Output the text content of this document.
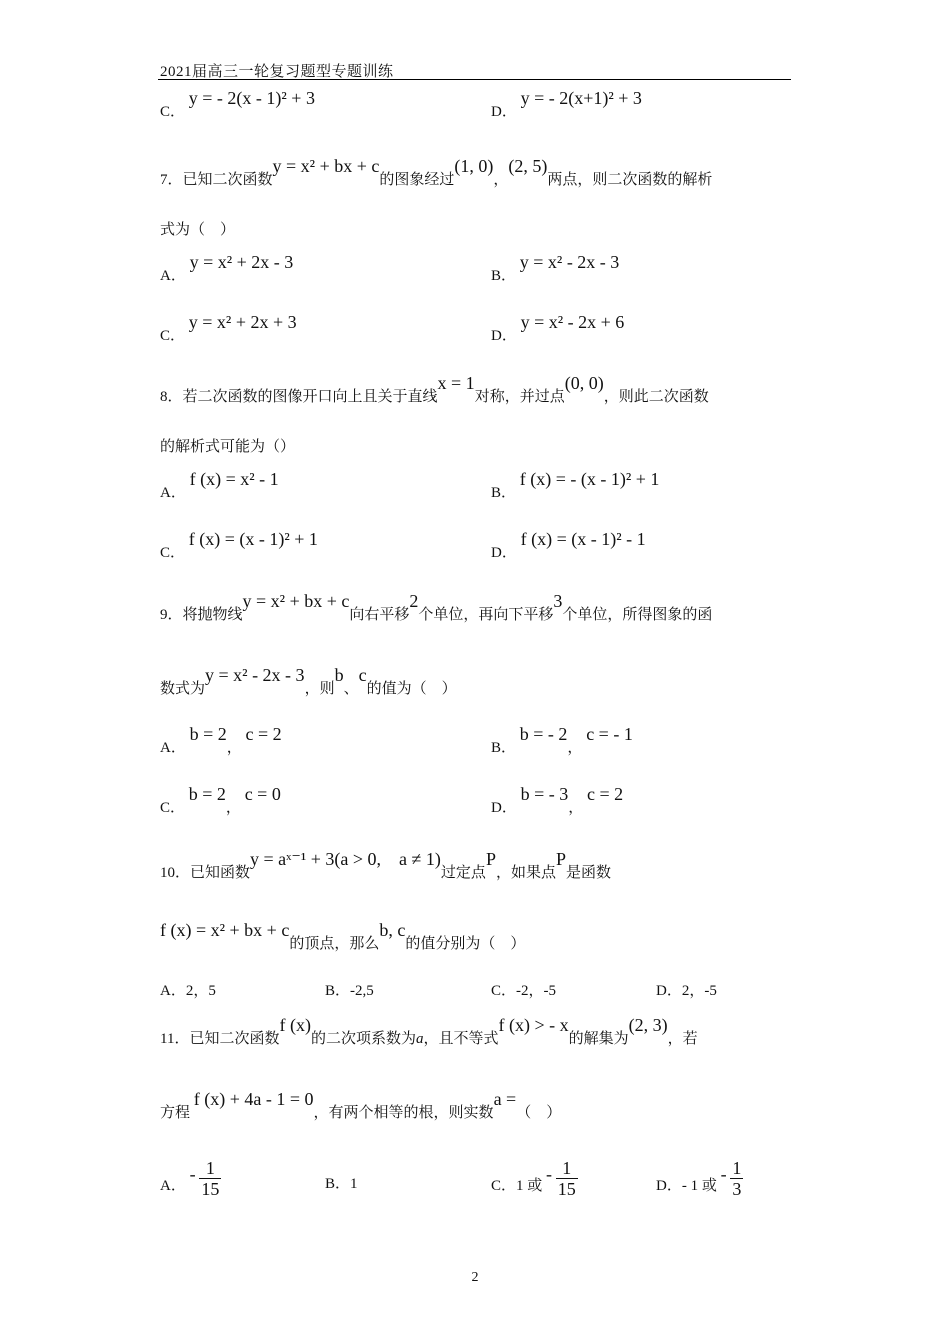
2021届高三一轮复习题型专题训练
C． y = - 2(x - 1)² + 3
D． y = - 2(x+1)² + 3
7．已知二次函数y = x² + bx + c的图象经过(1, 0)，(2, 5)两点，则二次函数的解析
式为（　）
A． y = x² + 2x - 3
B． y = x² - 2x - 3
C． y = x² + 2x + 3
D． y = x² - 2x + 6
8．若二次函数的图像开口向上且关于直线x = 1对称，并过点(0, 0)，则此二次函数
的解析式可能为（）
A． f (x) = x² - 1
B． f (x) = - (x - 1)² + 1
C． f (x) = (x - 1)² + 1
D． f (x) = (x - 1)² - 1
9．将抛物线y = x² + bx + c向右平移2个单位，再向下平移3个单位，所得图象的函
数式为y = x² - 2x - 3，则b、c的值为（　）
A． b = 2， c = 2
B． b = - 2， c = - 1
C． b = 2， c = 0
D． b = - 3， c = 2
10．已知函数y = aˣ⁻¹ + 3(a > 0,　a ≠ 1)过定点P，如果点P是函数
f (x) = x² + bx + c的顶点，那么b, c的值分别为（　）
A．2，5	B．-2,5	C．-2，-5	D．2，-5
11．已知二次函数f (x)的二次项系数为a，且不等式f (x) > - x的解集为(2, 3)，若
方程 f (x) + 4a - 1 = 0，有两个相等的根，则实数a =（　）
A． - $\frac{1}{15}$	B．1	C．1 或 - $\frac{1}{15}$	D．- 1 或 - $\frac{1}{3}$
2
